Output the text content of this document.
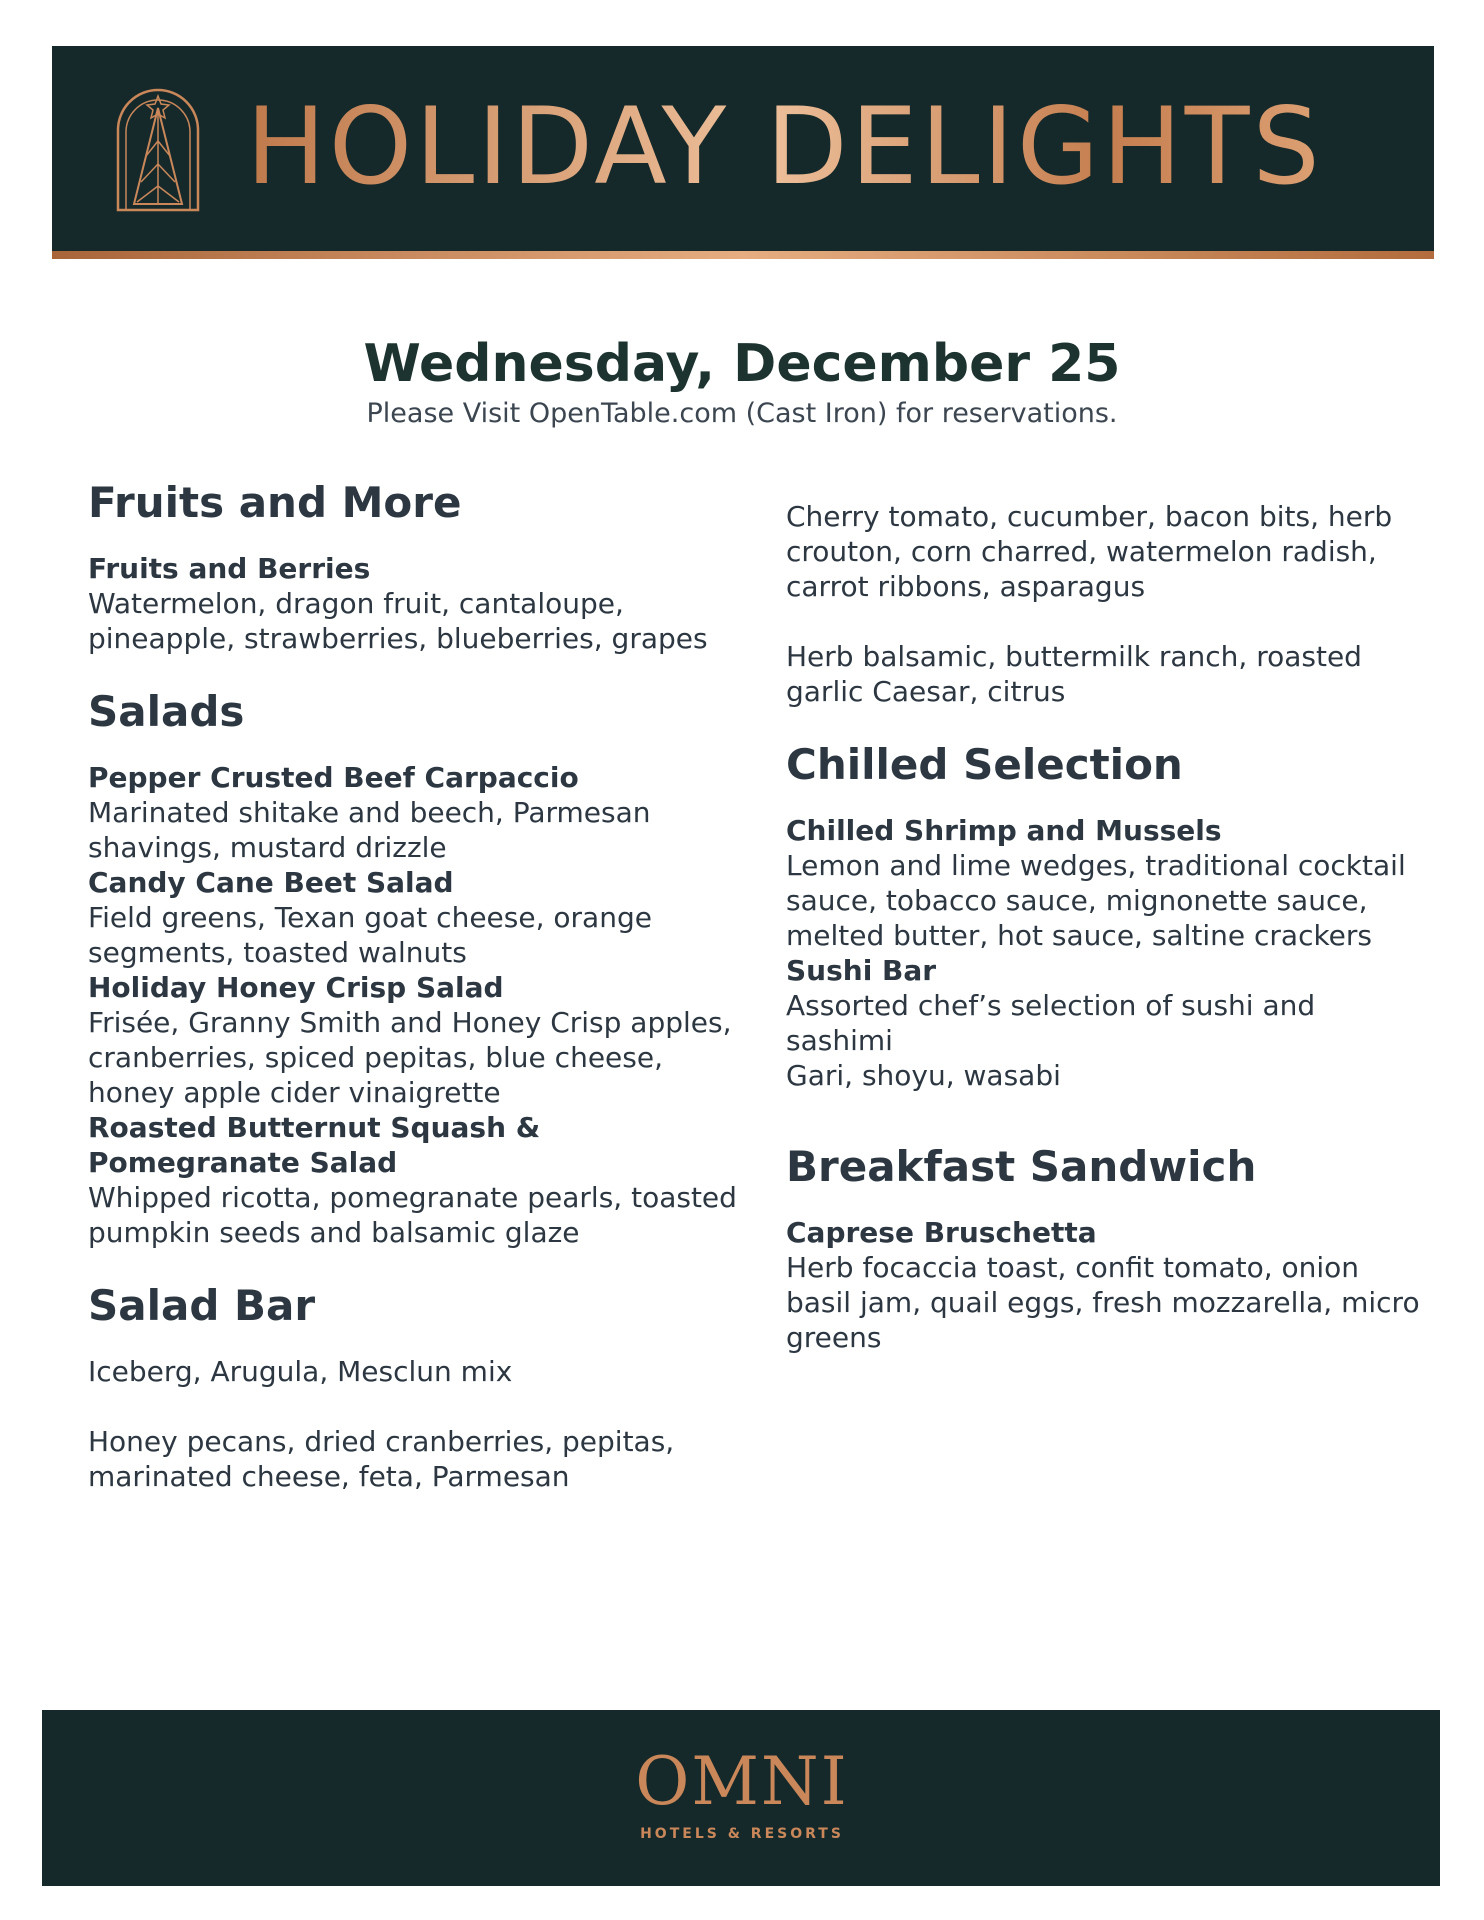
HOLIDAY DELIGHTS
Wednesday, December 25
Please Visit OpenTable.com (Cast Iron) for reservations.
Fruits and More
Fruits and Berries
Watermelon, dragon fruit, cantaloupe, pineapple, strawberries, blueberries, grapes
Salads
Pepper Crusted Beef Carpaccio
Marinated shitake and beech, Parmesan shavings, mustard drizzle
Candy Cane Beet Salad
Field greens, Texan goat cheese, orange segments, toasted walnuts
Holiday Honey Crisp Salad
Frisée, Granny Smith and Honey Crisp apples, cranberries, spiced pepitas, blue cheese, honey apple cider vinaigrette
Roasted Butternut Squash & Pomegranate Salad
Whipped ricotta, pomegranate pearls, toasted pumpkin seeds and balsamic glaze
Salad Bar
Iceberg, Arugula, Mesclun mix
Honey pecans, dried cranberries, pepitas, marinated cheese, feta, Parmesan
Cherry tomato, cucumber, bacon bits, herb crouton, corn charred, watermelon radish, carrot ribbons, asparagus
Herb balsamic, buttermilk ranch, roasted garlic Caesar, citrus
Chilled Selection
Chilled Shrimp and Mussels
Lemon and lime wedges, traditional cocktail sauce, tobacco sauce, mignonette sauce, melted butter, hot sauce, saltine crackers
Sushi Bar
Assorted chef’s selection of sushi and sashimi
Gari, shoyu, wasabi
Breakfast Sandwich
Caprese Bruschetta
Herb focaccia toast, confit tomato, onion basil jam, quail eggs, fresh mozzarella, micro greens
OMNI
HOTELS & RESORTS
